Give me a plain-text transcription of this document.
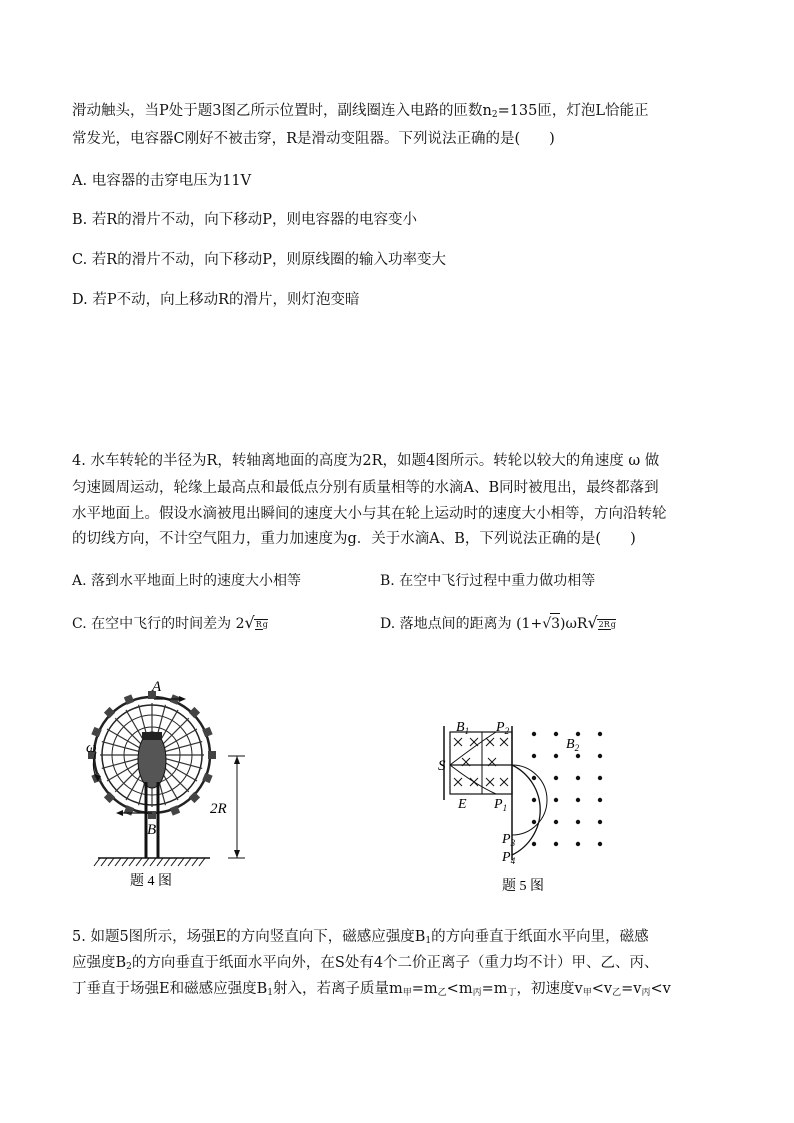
滑动触头，当P处于题3图乙所示位置时，副线圈连入电路的匝数$n_2=135$匝，灯泡L恰能正
常发光，电容器C刚好不被击穿，R是滑动变阻器。下列说法正确的是(　　)
A. 电容器的击穿电压为11V
B. 若R的滑片不动，向下移动P，则电容器的电容变小
C. 若R的滑片不动，向下移动P，则原线圈的输入功率变大
D. 若P不动，向上移动R的滑片，则灯泡变暗
4. 水车转轮的半径为R，转轴离地面的高度为2R，如题4图所示。转轮以较大的角速度 ω 做
匀速圆周运动，轮缘上最高点和最低点分别有质量相等的水滴A、B同时被甩出，最终都落到
水平地面上。假设水滴被甩出瞬间的速度大小与其在轮上运动时的速度大小相等，方向沿转轮
的切线方向，不计空气阻力，重力加速度为g．关于水滴A、B，下列说法正确的是(　　)
A. 落到水平地面上时的速度大小相等	B. 在空中飞行过程中重力做功相等
C. 在空中飞行的时间差为 2√Rg	D. 落地点间的距离为 (1+√3)ωR√2Rg
A
B
ω
2R
题 4 图
$B_1$ $P_2$
$B_2$
S
E $P_1$
$P_3$
$P_4$
题 5 图
5. 如题5图所示，场强E的方向竖直向下，磁感应强度$B_1$的方向垂直于纸面水平向里，磁感
应强度$B_2$的方向垂直于纸面水平向外，在S处有4个二价正离子（重力均不计）甲、乙、丙、
丁垂直于场强E和磁感应强度$B_1$射入，若离子质量$m_甲=m_乙<m_丙=m_丁$，初速度$v_甲<v_乙=v_丙<v$
